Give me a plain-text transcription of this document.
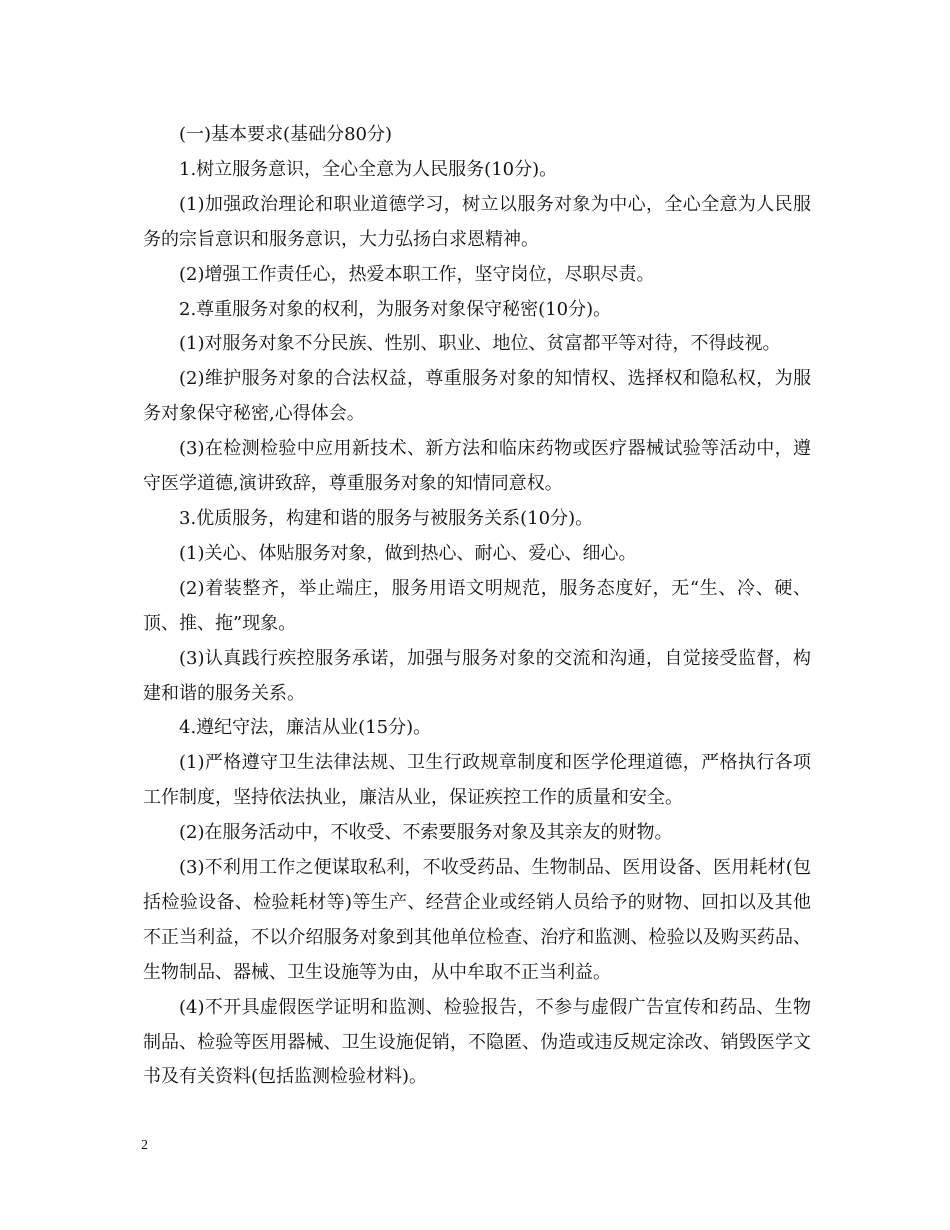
(一)基本要求(基础分80分)

1.树立服务意识，全心全意为人民服务(10分)。

(1)加强政治理论和职业道德学习，树立以服务对象为中心，全心全意为人民服务的宗旨意识和服务意识，大力弘扬白求恩精神。

(2)增强工作责任心，热爱本职工作，坚守岗位，尽职尽责。

2.尊重服务对象的权利，为服务对象保守秘密(10分)。

(1)对服务对象不分民族、性别、职业、地位、贫富都平等对待，不得歧视。

(2)维护服务对象的合法权益，尊重服务对象的知情权、选择权和隐私权，为服务对象保守秘密,心得体会。

(3)在检测检验中应用新技术、新方法和临床药物或医疗器械试验等活动中，遵守医学道德,演讲致辞，尊重服务对象的知情同意权。

3.优质服务，构建和谐的服务与被服务关系(10分)。

(1)关心、体贴服务对象，做到热心、耐心、爱心、细心。

(2)着装整齐，举止端庄，服务用语文明规范，服务态度好，无“生、冷、硬、顶、推、拖”现象。

(3)认真践行疾控服务承诺，加强与服务对象的交流和沟通，自觉接受监督，构建和谐的服务关系。

4.遵纪守法，廉洁从业(15分)。

(1)严格遵守卫生法律法规、卫生行政规章制度和医学伦理道德，严格执行各项工作制度，坚持依法执业，廉洁从业，保证疾控工作的质量和安全。

(2)在服务活动中，不收受、不索要服务对象及其亲友的财物。

(3)不利用工作之便谋取私利，不收受药品、生物制品、医用设备、医用耗材(包括检验设备、检验耗材等)等生产、经营企业或经销人员给予的财物、回扣以及其他不正当利益，不以介绍服务对象到其他单位检查、治疗和监测、检验以及购买药品、生物制品、器械、卫生设施等为由，从中牟取不正当利益。

(4)不开具虚假医学证明和监测、检验报告，不参与虚假广告宣传和药品、生物制品、检验等医用器械、卫生设施促销，不隐匿、伪造或违反规定涂改、销毁医学文书及有关资料(包括监测检验材料)。

2
